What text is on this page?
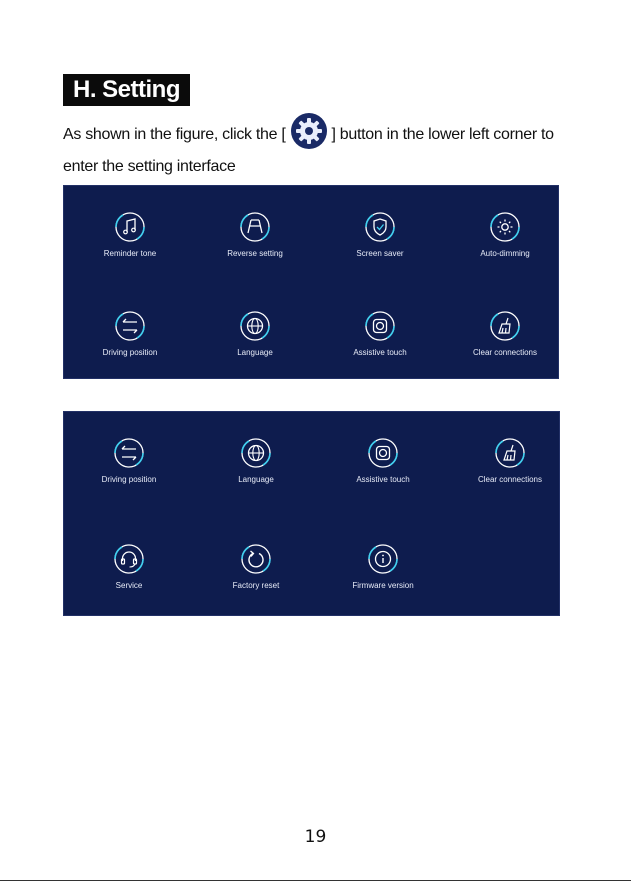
H. Setting
As shown in the figure, click the [	] button in the lower left corner to enter the setting interface
Reminder tone	Reverse setting	Screen saver	Auto-dimming
Driving position	Language	Assistive touch	Clear connections
Driving position	Language	Assistive touch	Clear connections
Service	Factory reset	Firmware version
19
